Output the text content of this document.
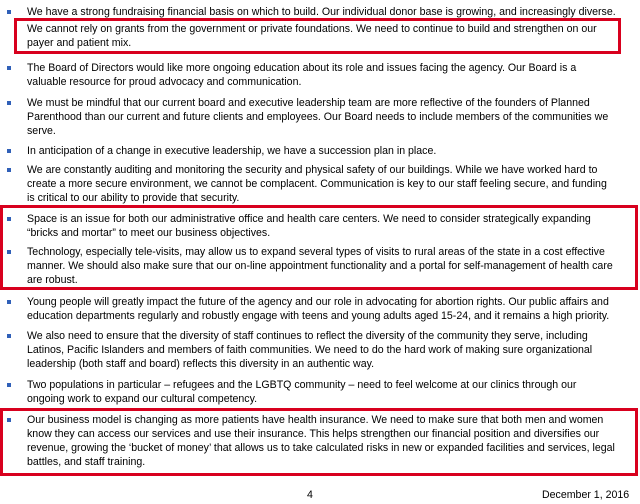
We have a strong fundraising financial basis on which to build. Our individual donor base is growing, and increasingly diverse.
We cannot rely on grants from the government or private foundations. We need to continue to build and strengthen on our
payer and patient mix.
The Board of Directors would like more ongoing education about its role and issues facing the agency. Our Board is a
valuable resource for proud advocacy and communication.
We must be mindful that our current board and executive leadership team are more reflective of the founders of Planned
Parenthood than our current and future clients and employees. Our Board needs to include members of the communities we
serve.
In anticipation of a change in executive leadership, we have a succession plan in place.
We are constantly auditing and monitoring the security and physical safety of our buildings. While we have worked hard to
create a more secure environment, we cannot be complacent. Communication is key to our staff feeling secure, and funding
is critical to our ability to provide that security.
Space is an issue for both our administrative office and health care centers. We need to consider strategically expanding
“bricks and mortar” to meet our business objectives.
Technology, especially tele-visits, may allow us to expand several types of visits to rural areas of the state in a cost effective
manner. We should also make sure that our on-line appointment functionality and a portal for self-management of health care
are robust.
Young people will greatly impact the future of the agency and our role in advocating for abortion rights. Our public affairs and
education departments regularly and robustly engage with teens and young adults aged 15-24, and it remains a high priority.
We also need to ensure that the diversity of staff continues to reflect the diversity of the community they serve, including
Latinos, Pacific Islanders and members of faith communities. We need to do the hard work of making sure organizational
leadership (both staff and board) reflects this diversity in an authentic way.
Two populations in particular – refugees and the LGBTQ community – need to feel welcome at our clinics through our
ongoing work to expand our cultural competency.
Our business model is changing as more patients have health insurance. We need to make sure that both men and women
know they can access our services and use their insurance. This helps strengthen our financial position and diversifies our
revenue, growing the ‘bucket of money’ that allows us to take calculated risks in new or expanded facilities and services, legal
battles, and staff training.
4	December 1, 2016
